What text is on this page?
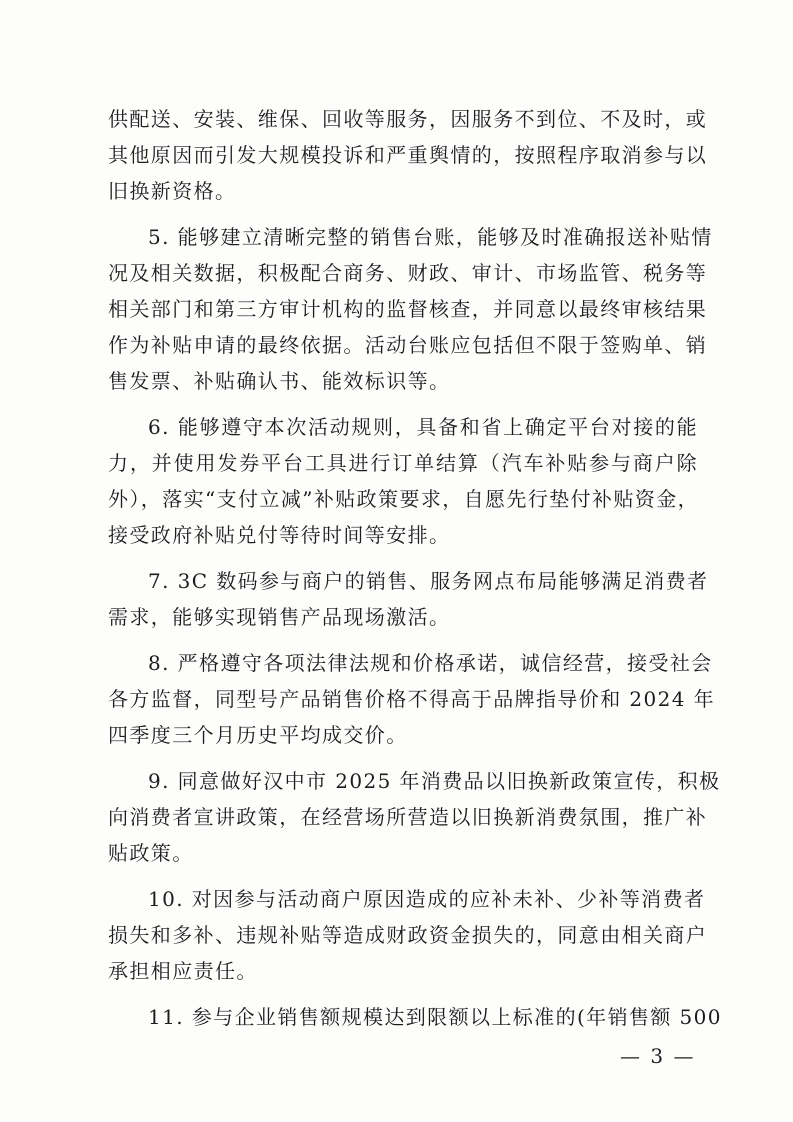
供配送、安装、维保、回收等服务，因服务不到位、不及时，或
其他原因而引发大规模投诉和严重舆情的，按照程序取消参与以
旧换新资格。
5. 能够建立清晰完整的销售台账，能够及时准确报送补贴情
况及相关数据，积极配合商务、财政、审计、市场监管、税务等
相关部门和第三方审计机构的监督核查，并同意以最终审核结果
作为补贴申请的最终依据。活动台账应包括但不限于签购单、销
售发票、补贴确认书、能效标识等。
6. 能够遵守本次活动规则，具备和省上确定平台对接的能
力，并使用发券平台工具进行订单结算（汽车补贴参与商户除
外），落实“支付立减”补贴政策要求，自愿先行垫付补贴资金，
接受政府补贴兑付等待时间等安排。
7. 3C 数码参与商户的销售、服务网点布局能够满足消费者
需求，能够实现销售产品现场激活。
8. 严格遵守各项法律法规和价格承诺，诚信经营，接受社会
各方监督，同型号产品销售价格不得高于品牌指导价和 2024 年
四季度三个月历史平均成交价。
9. 同意做好汉中市 2025 年消费品以旧换新政策宣传，积极
向消费者宣讲政策，在经营场所营造以旧换新消费氛围，推广补
贴政策。
10. 对因参与活动商户原因造成的应补未补、少补等消费者
损失和多补、违规补贴等造成财政资金损失的，同意由相关商户
承担相应责任。
11. 参与企业销售额规模达到限额以上标准的(年销售额 500
— 3 —
